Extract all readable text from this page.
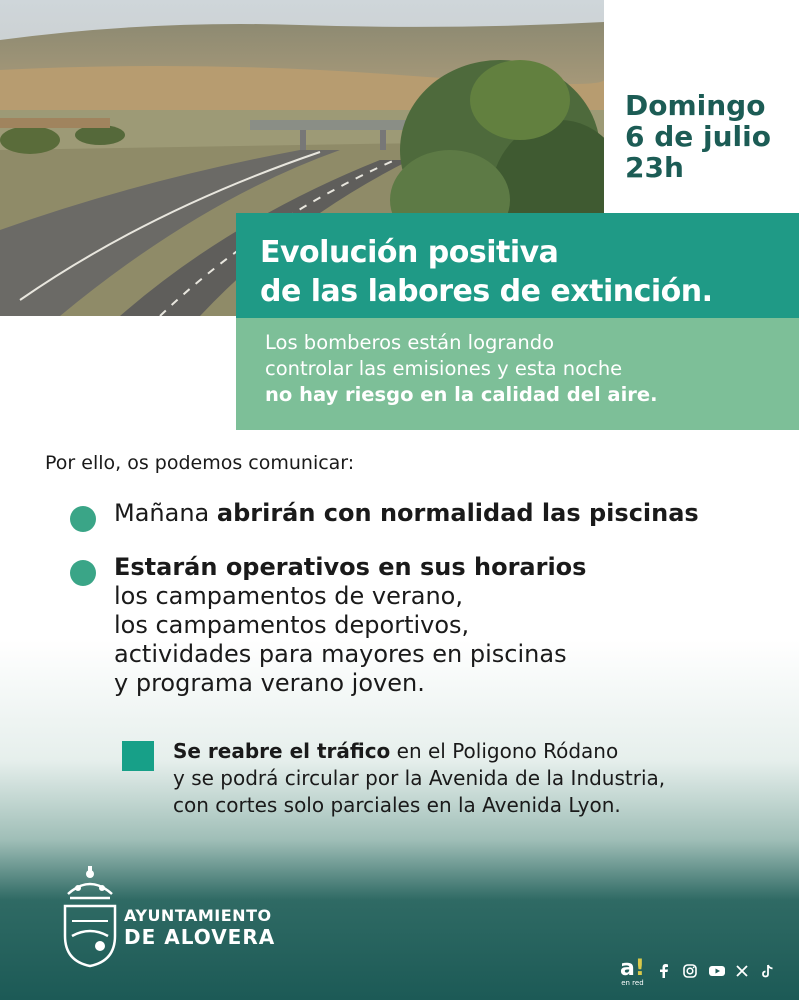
Domingo
6 de julio
23h
Evolución positiva
de las labores de extinción.
Los bomberos están logrando
controlar las emisiones y esta noche
no hay riesgo en la calidad del aire.
Por ello, os podemos comunicar:
Mañana abrirán con normalidad las piscinas
Estarán operativos en sus horarios
los campamentos de verano,
los campamentos deportivos,
actividades para mayores en piscinas
y programa verano joven.
Se reabre el tráfico en el Poligono Ródano
y se podrá circular por la Avenida de la Industria,
con cortes solo parciales en la Avenida Lyon.
AYUNTAMIENTO
DE ALOVERA
a!
en red
